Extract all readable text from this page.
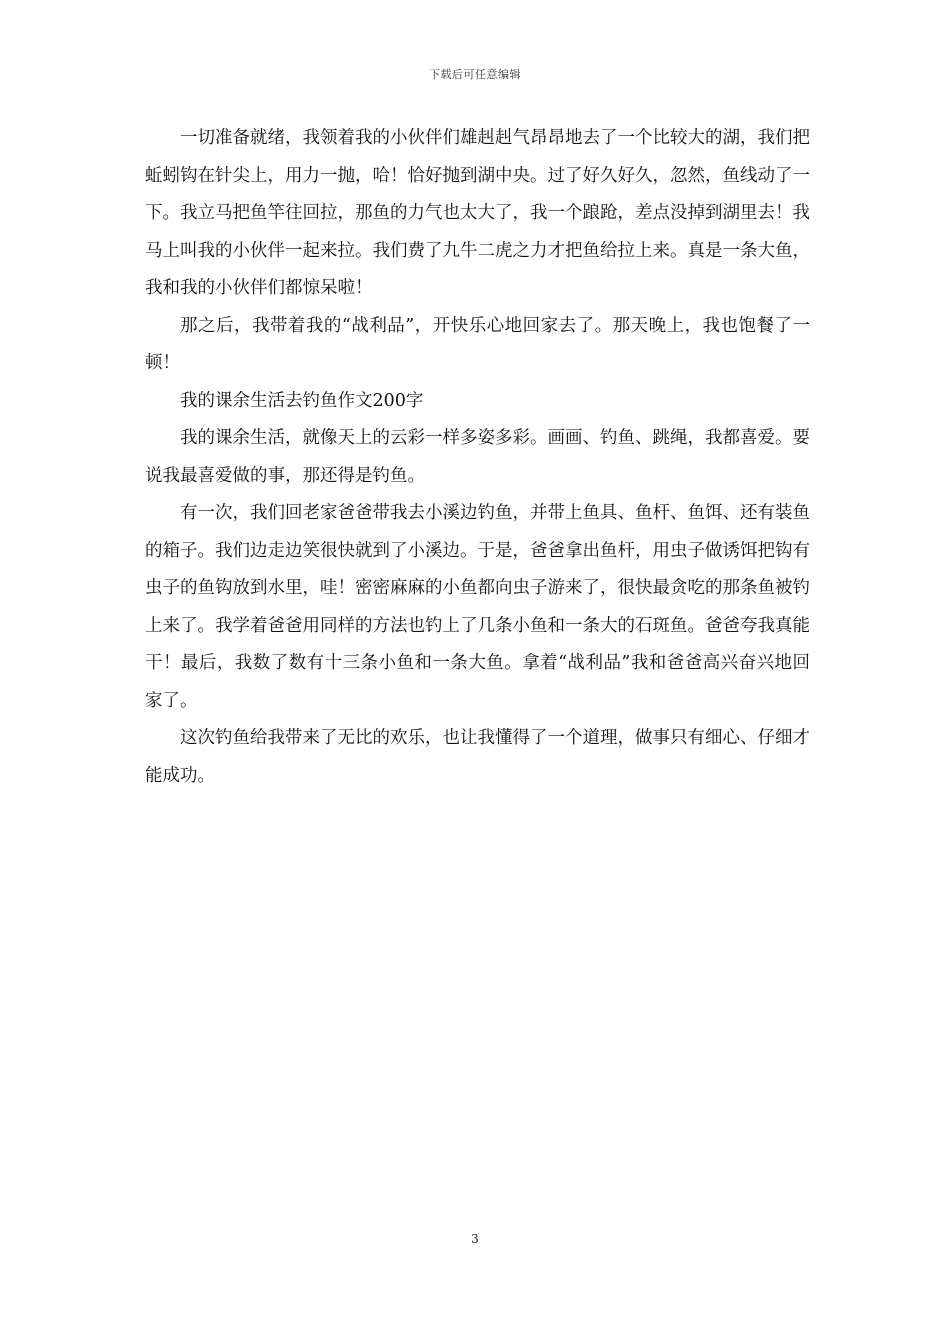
下载后可任意编辑

一切准备就绪，我领着我的小伙伴们雄赳赳气昂昂地去了一个比较大的湖，我们把蚯蚓钩在针尖上，用力一抛，哈！恰好抛到湖中央。过了好久好久，忽然，鱼线动了一下。我立马把鱼竿往回拉，那鱼的力气也太大了，我一个踉跄，差点没掉到湖里去！我马上叫我的小伙伴一起来拉。我们费了九牛二虎之力才把鱼给拉上来。真是一条大鱼，我和我的小伙伴们都惊呆啦！

那之后，我带着我的“战利品”，开快乐心地回家去了。那天晚上，我也饱餐了一顿！

我的课余生活去钓鱼作文200字

我的课余生活，就像天上的云彩一样多姿多彩。画画、钓鱼、跳绳，我都喜爱。要说我最喜爱做的事，那还得是钓鱼。

有一次，我们回老家爸爸带我去小溪边钓鱼，并带上鱼具、鱼杆、鱼饵、还有装鱼的箱子。我们边走边笑很快就到了小溪边。于是，爸爸拿出鱼杆，用虫子做诱饵把钩有虫子的鱼钩放到水里，哇！密密麻麻的小鱼都向虫子游来了，很快最贪吃的那条鱼被钓上来了。我学着爸爸用同样的方法也钓上了几条小鱼和一条大的石斑鱼。爸爸夸我真能干！最后，我数了数有十三条小鱼和一条大鱼。拿着“战利品”我和爸爸高兴奋兴地回家了。

这次钓鱼给我带来了无比的欢乐，也让我懂得了一个道理，做事只有细心、仔细才能成功。

3
